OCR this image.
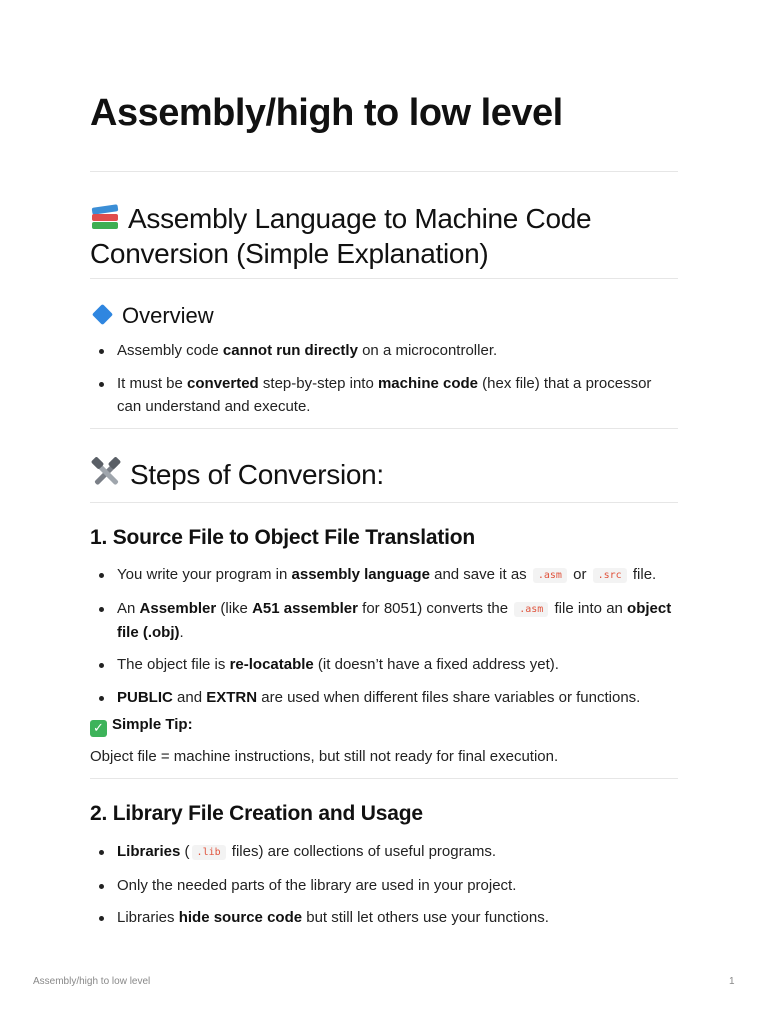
Assembly/high to low level
Assembly Language to Machine Code
Conversion (Simple Explanation)
Overview
Assembly code cannot run directly on a microcontroller.
It must be converted step-by-step into machine code (hex file) that a processor can understand and execute.
Steps of Conversion:
1. Source File to Object File Translation
You write your program in assembly language and save it as .asm or .src file.
An Assembler (like A51 assembler for 8051) converts the .asm file into an object file (.obj).
The object file is re-locatable (it doesn’t have a fixed address yet).
PUBLIC and EXTRN are used when different files share variables or functions.
✓ Simple Tip:
Object file = machine instructions, but still not ready for final execution.
2. Library File Creation and Usage
Libraries ( .lib files) are collections of useful programs.
Only the needed parts of the library are used in your project.
Libraries hide source code but still let others use your functions.
Assembly/high to low level	1
